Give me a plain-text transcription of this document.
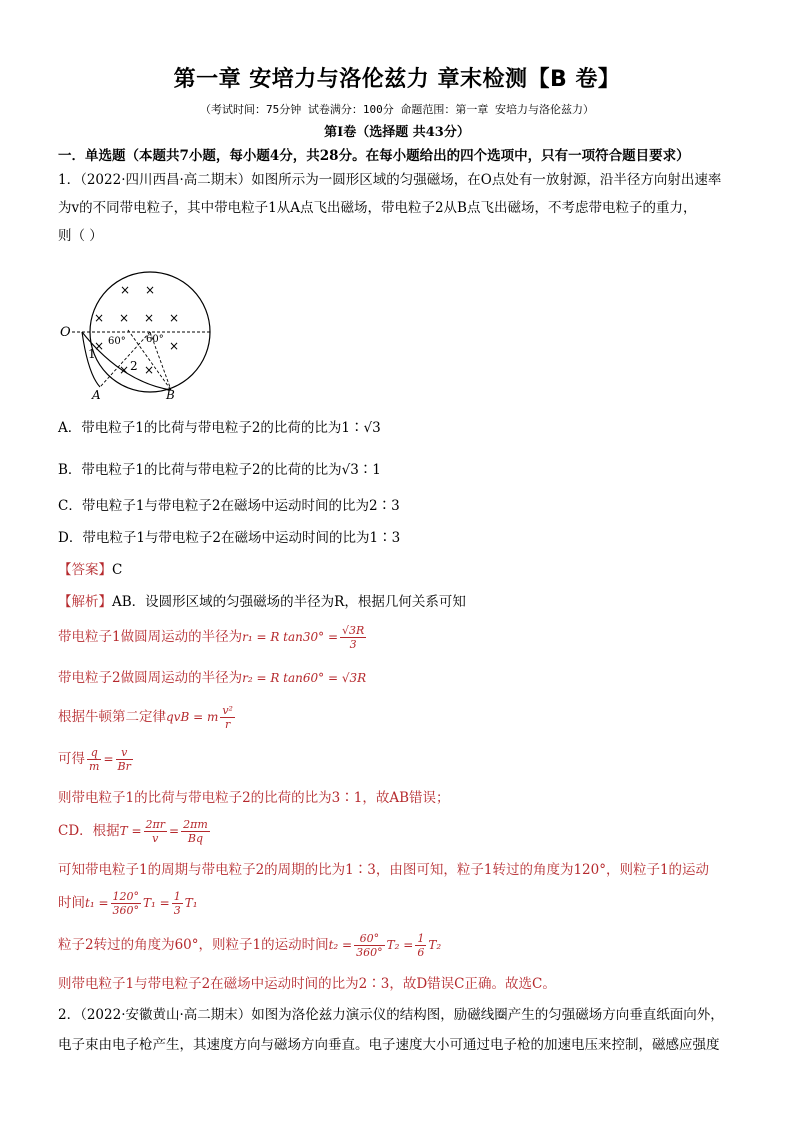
第一章 安培力与洛伦兹力 章末检测【B 卷】
（考试时间：75分钟 试卷满分：100分 命题范围：第一章 安培力与洛伦兹力）
第Ⅰ卷（选择题 共43分）
一．单选题（本题共7小题，每小题4分，共28分。在每小题给出的四个选项中，只有一项符合题目要求）
1．（2022·四川西昌·高二期末）如图所示为一圆形区域的匀强磁场，在O点处有一放射源，沿半径方向射出速率
为v的不同带电粒子，其中带电粒子1从A点飞出磁场，带电粒子2从B点飞出磁场，不考虑带电粒子的重力，
则（ ）
× ×
× × × ×
×	×
× ×
O
A	B
1
2
60° 60°
A．带电粒子1的比荷与带电粒子2的比荷的比为1∶√3
B．带电粒子1的比荷与带电粒子2的比荷的比为√3∶1
C．带电粒子1与带电粒子2在磁场中运动时间的比为2∶3
D．带电粒子1与带电粒子2在磁场中运动时间的比为1∶3
【答案】C
【解析】AB．设圆形区域的匀强磁场的半径为R，根据几何关系可知
带电粒子1做圆周运动的半径为r₁ = R $\tan 30^\circ = \frac{√3R}{3}$
带电粒子2做圆周运动的半径为r₂ = R tan60° = √3R
根据牛顿第二定律qvB = m $\frac{\text{v²}}{r}$
可得 $\frac{q}{m} = \frac{v}{Br}$
则带电粒子1的比荷与带电粒子2的比荷的比为3∶1，故AB错误；
CD．根据$T = \frac{2\pi r}{v} = \frac{2\pi m}{Bq}$
可知带电粒子1的周期与带电粒子2的周期的比为1∶3，由图可知，粒子1转过的角度为120°，则粒子1的运动
时间$t_1 = \frac{120^\circ}{360^\circ} T_1 = \frac{1}{3} T_1$
粒子2转过的角度为60°，则粒子1的运动时间$t_2 = \frac{60^\circ}{360^\circ} T_2 = \frac{1}{6} T_2$
则带电粒子1与带电粒子2在磁场中运动时间的比为2∶3，故D错误C正确。故选C。
2．（2022·安徽黄山·高二期末）如图为洛伦兹力演示仪的结构图，励磁线圈产生的匀强磁场方向垂直纸面向外，
电子束由电子枪产生，其速度方向与磁场方向垂直。电子速度大小可通过电子枪的加速电压来控制，磁感应强度
